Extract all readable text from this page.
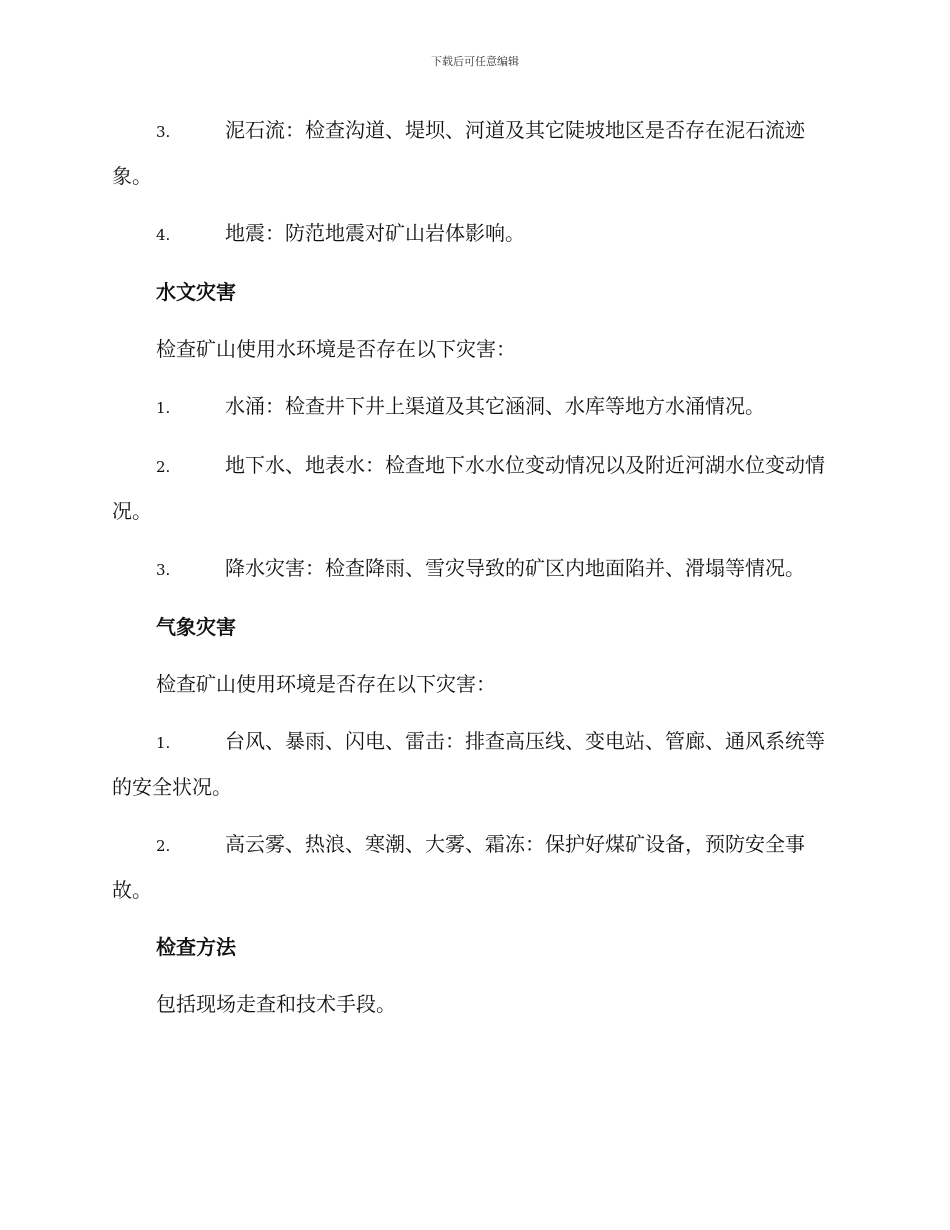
下载后可任意编辑
3.	泥石流：检查沟道、堤坝、河道及其它陡坡地区是否存在泥石流迹象。
4.	地震：防范地震对矿山岩体影响。
水文灾害
检查矿山使用水环境是否存在以下灾害：
1.	水涌：检查井下井上渠道及其它涵洞、水库等地方水涌情况。
2.	地下水、地表水：检查地下水水位变动情况以及附近河湖水位变动情况。
3.	降水灾害：检查降雨、雪灾导致的矿区内地面陷并、滑塌等情况。
气象灾害
检查矿山使用环境是否存在以下灾害：
1.	台风、暴雨、闪电、雷击：排查高压线、变电站、管廊、通风系统等的安全状况。
2.	高云雾、热浪、寒潮、大雾、霜冻：保护好煤矿设备，预防安全事故。
检查方法
包括现场走查和技术手段。
